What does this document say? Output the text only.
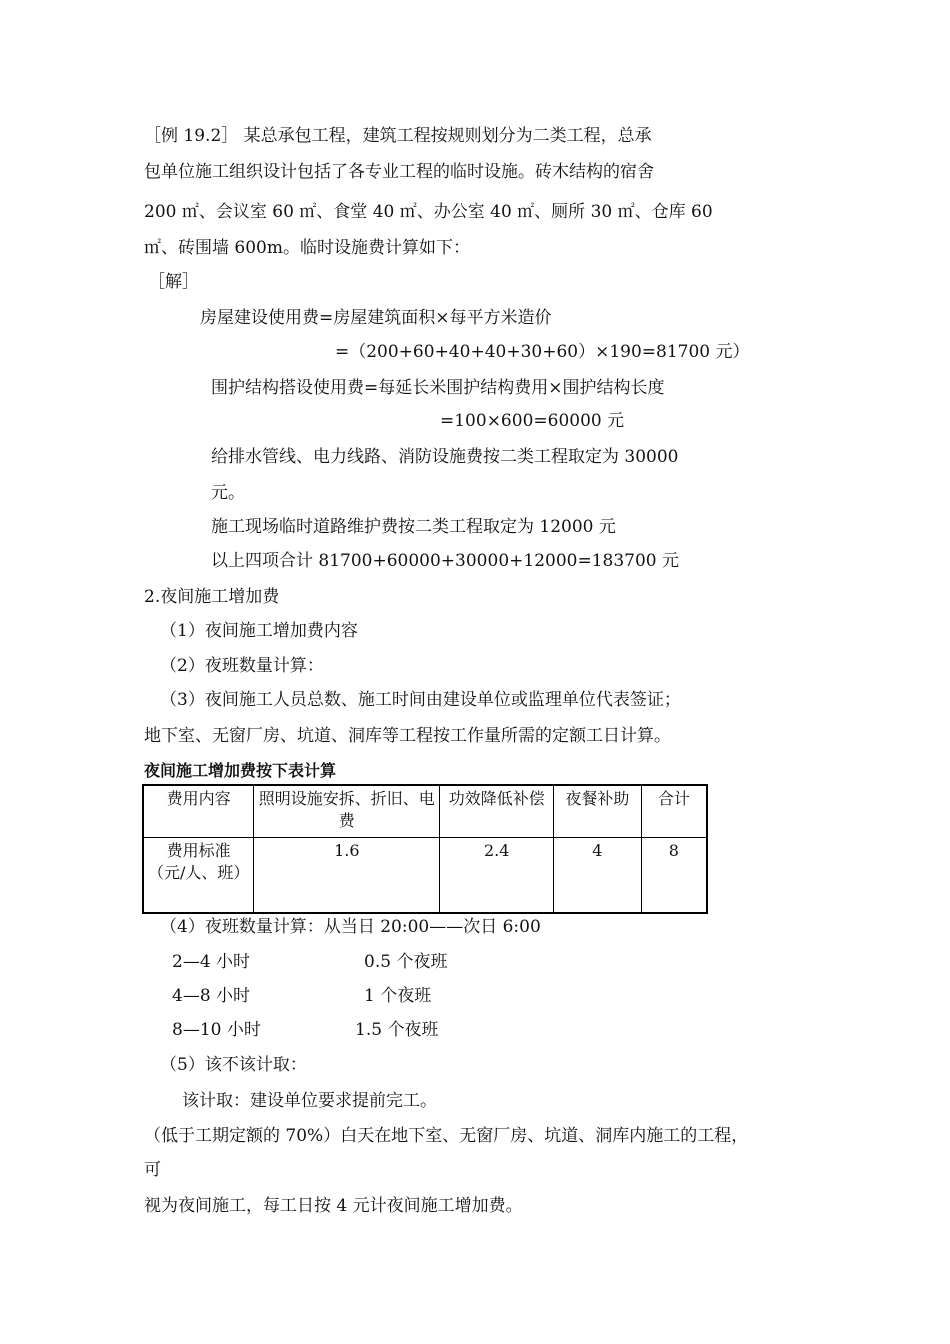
［例 19.2］ 某总承包工程，建筑工程按规则划分为二类工程，总承
包单位施工组织设计包括了各专业工程的临时设施。砖木结构的宿舍
200 ㎡、会议室 60 ㎡、食堂 40 ㎡、办公室 40 ㎡、厕所 30 ㎡、仓库 60
㎡、砖围墙 600m。临时设施费计算如下：
［解］
房屋建设使用费=房屋建筑面积×每平方米造价
=（200+60+40+40+30+60）×190=81700 元）
围护结构搭设使用费=每延长米围护结构费用×围护结构长度
=100×600=60000 元
给排水管线、电力线路、消防设施费按二类工程取定为 30000
元。
施工现场临时道路维护费按二类工程取定为 12000 元
以上四项合计 81700+60000+30000+12000=183700 元
2.夜间施工增加费
（1）夜间施工增加费内容
（2）夜班数量计算：
（3）夜间施工人员总数、施工时间由建设单位或监理单位代表签证；
地下室、无窗厂房、坑道、洞库等工程按工作量所需的定额工日计算。
夜间施工增加费按下表计算
费用内容	照明设施安拆、折旧、电费	功效降低补偿	夜餐补助	合计
费用标准（元/人、班）	1.6	2.4	4	8
（4）夜班数量计算：从当日 20:00——次日 6:00
2—4 小时	0.5 个夜班
4—8 小时	1 个夜班
8—10 小时	1.5 个夜班
（5）该不该计取：
该计取：建设单位要求提前完工。
（低于工期定额的 70%）白天在地下室、无窗厂房、坑道、洞库内施工的工程，
可
视为夜间施工，每工日按 4 元计夜间施工增加费。
